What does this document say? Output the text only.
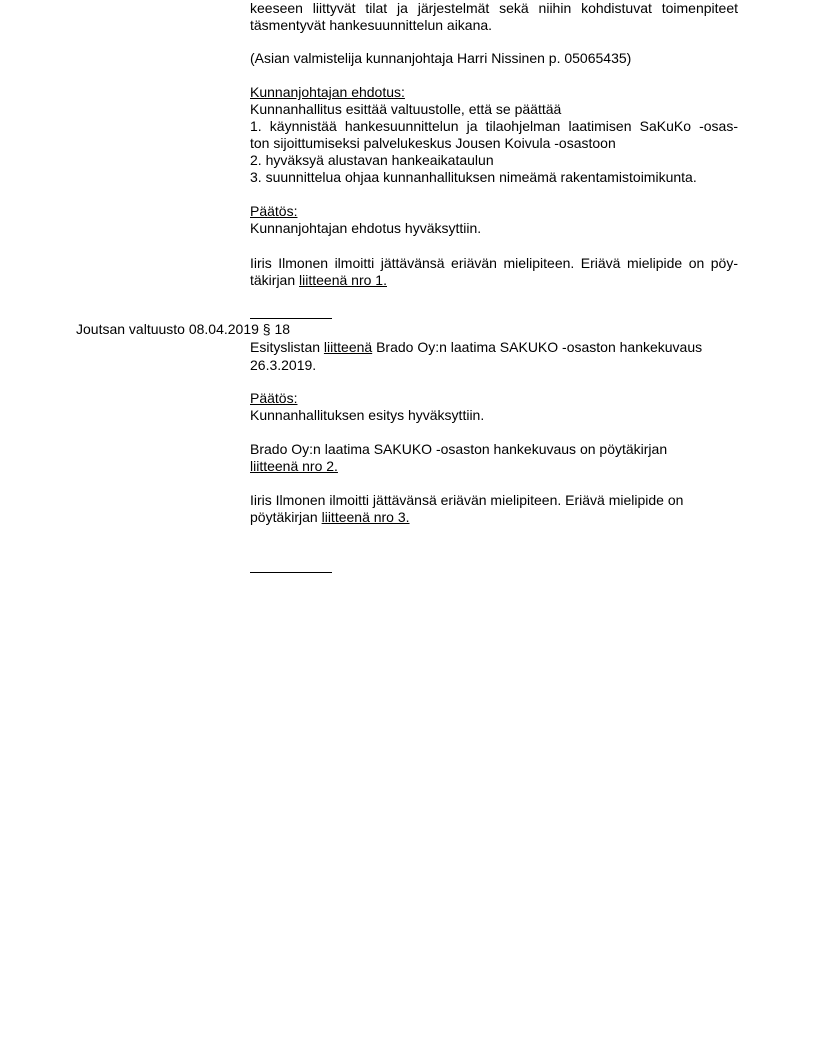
keeseen liittyvät tilat ja järjestelmät sekä niihin kohdistuvat toimenpiteet

täsmentyvät hankesuunnittelun aikana.

(Asian valmistelija kunnanjohtaja Harri Nissinen p. 05065435)

Kunnanjohtajan ehdotus:

Kunnanhallitus esittää valtuustolle, että se päättää

1. käynnistää hankesuunnittelun ja tilaohjelman laatimisen SaKuKo -osas-

ton sijoittumiseksi palvelukeskus Jousen Koivula -osastoon

2. hyväksyä alustavan hankeaikataulun

3. suunnittelua ohjaa kunnanhallituksen nimeämä rakentamistoimikunta.

Päätös:

Kunnanjohtajan ehdotus hyväksyttiin.

Iiris Ilmonen ilmoitti jättävänsä eriävän mielipiteen. Eriävä mielipide on pöy-

täkirjan liitteenä nro 1.

Joutsan valtuusto 08.04.2019 § 18

Esityslistan liitteenä Brado Oy:n laatima SAKUKO -osaston hankekuvaus

26.3.2019.

Päätös:

Kunnanhallituksen esitys hyväksyttiin.

Brado Oy:n laatima SAKUKO -osaston hankekuvaus on pöytäkirjan

liitteenä nro 2.

Iiris Ilmonen ilmoitti jättävänsä eriävän mielipiteen. Eriävä mielipide on

pöytäkirjan liitteenä nro 3.
